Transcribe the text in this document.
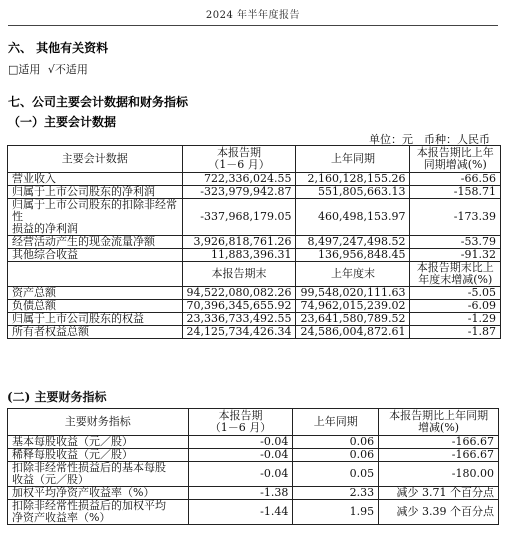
2024 年半年度报告
六、 其他有关资料
□适用 √不适用
七、公司主要会计数据和财务指标
（一）主要会计数据
单位：元　币种：人民币
主要会计数据	本报告期
（1－6 月）	上年同期	本报告期比上年
同期增减(%)
营业收入	722,336,024.55	2,160,128,155.26	-66.56
归属于上市公司股东的净利润	-323,979,942.87	551,805,663.13	-158.71
归属于上市公司股东的扣除非经常性
损益的净利润	-337,968,179.05	460,498,153.97	-173.39
经营活动产生的现金流量净额	3,926,818,761.26	8,497,247,498.52	-53.79
其他综合收益	11,883,396.31	136,956,848.45	-91.32
	本报告期末	上年度末	本报告期末比上
年度末增减(%)
资产总额	94,522,080,082.26	99,548,020,111.63	-5.05
负债总额	70,396,345,655.92	74,962,015,239.02	-6.09
归属于上市公司股东的权益	23,336,733,492.55	23,641,580,789.52	-1.29
所有者权益总额	24,125,734,426.34	24,586,004,872.61	-1.87
(二) 主要财务指标
主要财务指标	本报告期
（1－6 月）	上年同期	本报告期比上年同期
增减(%)
基本每股收益（元／股）	-0.04	0.06	-166.67
稀释每股收益（元／股）	-0.04	0.06	-166.67
扣除非经常性损益后的基本每股
收益（元／股）	-0.04	0.05	-180.00
加权平均净资产收益率（%）	-1.38	2.33	减少 3.71 个百分点
扣除非经常性损益后的加权平均
净资产收益率（%）	-1.44	1.95	减少 3.39 个百分点
